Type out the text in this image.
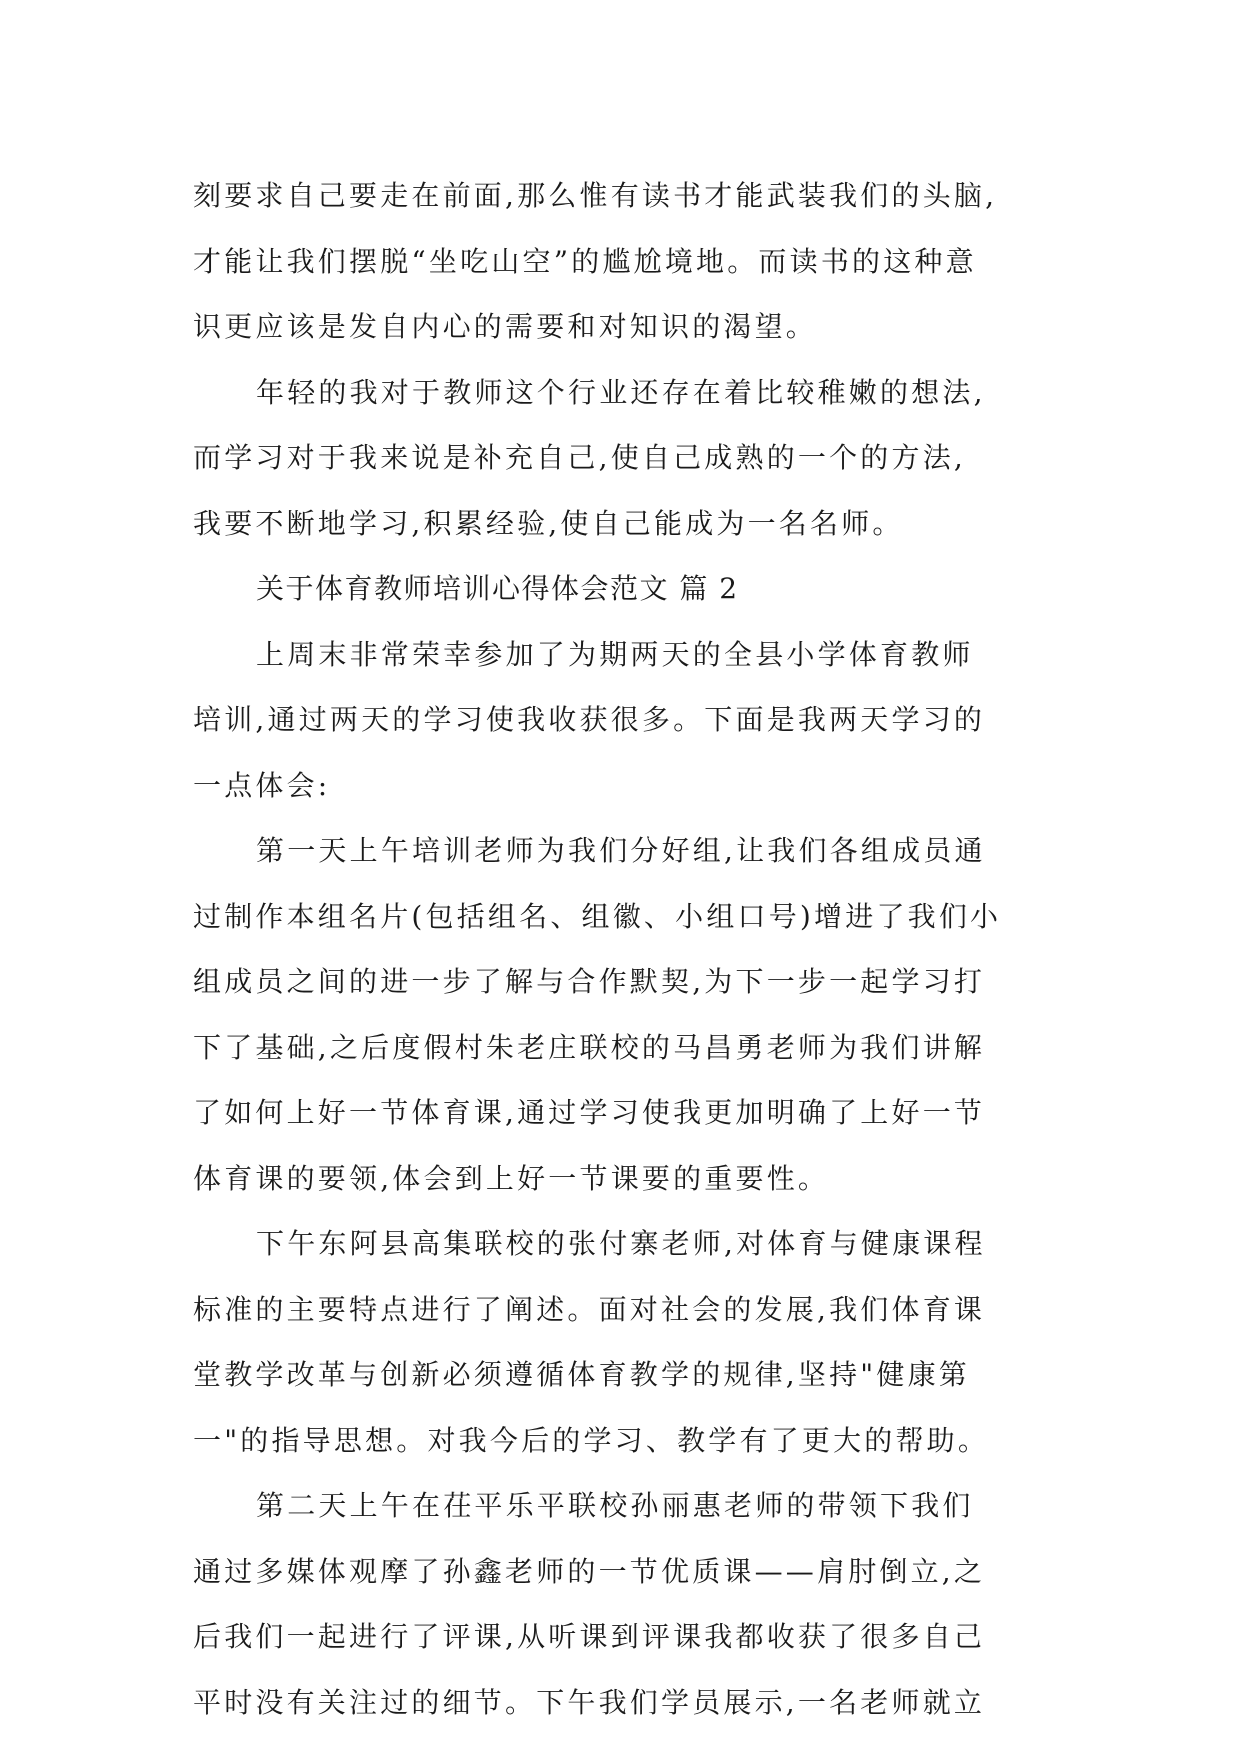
刻要求自己要走在前面,那么惟有读书才能武装我们的头脑,
才能让我们摆脱“坐吃山空”的尴尬境地。而读书的这种意
识更应该是发自内心的需要和对知识的渴望。
年轻的我对于教师这个行业还存在着比较稚嫩的想法,
而学习对于我来说是补充自己,使自己成熟的一个的方法,
我要不断地学习,积累经验,使自己能成为一名名师。
关于体育教师培训心得体会范文 篇 2
上周末非常荣幸参加了为期两天的全县小学体育教师
培训,通过两天的学习使我收获很多。下面是我两天学习的
一点体会:
第一天上午培训老师为我们分好组,让我们各组成员通
过制作本组名片(包括组名、组徽、小组口号)增进了我们小
组成员之间的进一步了解与合作默契,为下一步一起学习打
下了基础,之后度假村朱老庄联校的马昌勇老师为我们讲解
了如何上好一节体育课,通过学习使我更加明确了上好一节
体育课的要领,体会到上好一节课要的重要性。
下午东阿县高集联校的张付寨老师,对体育与健康课程
标准的主要特点进行了阐述。面对社会的发展,我们体育课
堂教学改革与创新必须遵循体育教学的规律,坚持"健康第
一"的指导思想。对我今后的学习、教学有了更大的帮助。
第二天上午在茌平乐平联校孙丽惠老师的带领下我们
通过多媒体观摩了孙鑫老师的一节优质课——肩肘倒立,之
后我们一起进行了评课,从听课到评课我都收获了很多自己
平时没有关注过的细节。下午我们学员展示,一名老师就立
